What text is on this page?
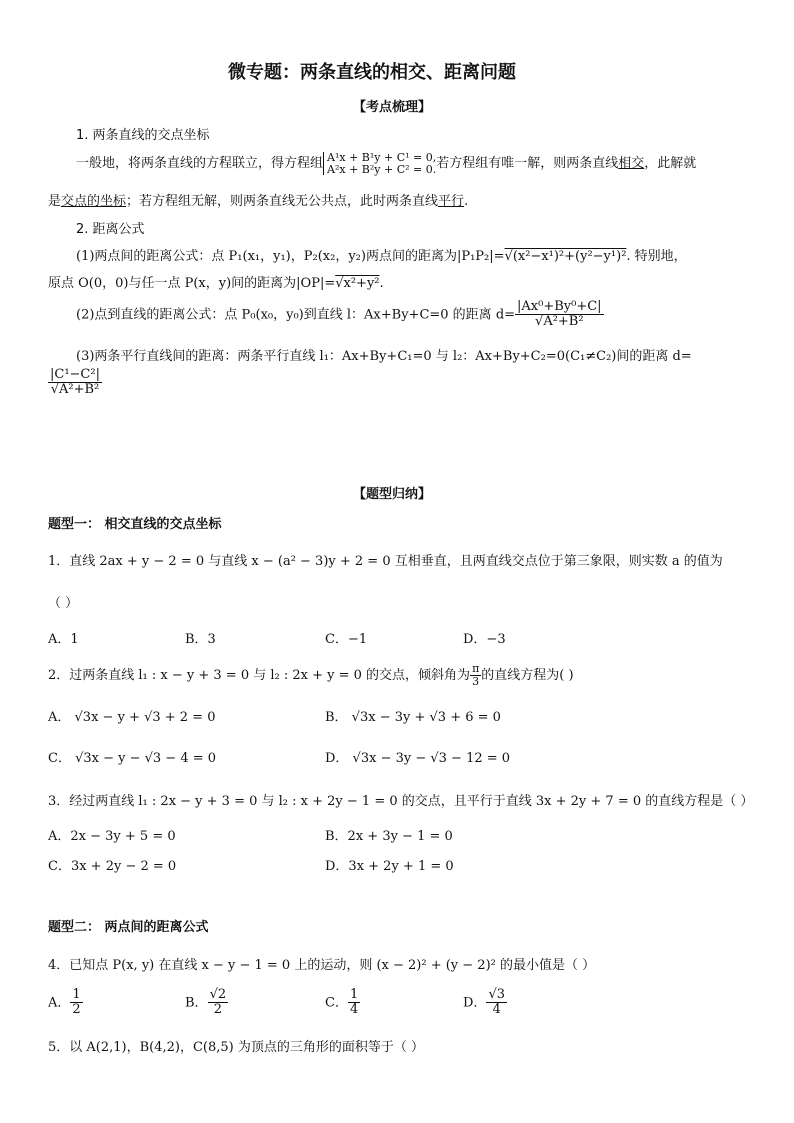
微专题：两条直线的相交、距离问题
【考点梳理】
1. 两条直线的交点坐标
一般地，将两条直线的方程联立，得方程组 A¹x + B¹y + C¹ = 0,
A²x + B²y + C² = 0. 若方程组有唯一解，则两条直线相交，此解就
是交点的坐标；若方程组无解，则两条直线无公共点，此时两条直线平行.
2. 距离公式
(1)两点间的距离公式：点 P₁(x₁，y₁)，P₂(x₂，y₂)两点间的距离为|P₁P₂|=√(x²−x¹)²+(y²−y¹)². 特别地，
原点 O(0，0)与任一点 P(x，y)间的距离为|OP|=√x²+y².
(2)点到直线的距离公式：点 P₀(x₀，y₀)到直线 l：Ax+By+C=0 的距离 $d= \frac{\text{|Ax⁰+By⁰+C|}}{\text{√A²+B²}}$
(3)两条平行直线间的距离：两条平行直线 l₁：Ax+By+C₁=0 与 l₂：Ax+By+C₂=0(C₁≠C₂)间的距离 d=
$\frac{\text{|C¹−C²|}}{\text{√A²+B²}}$
【题型归纳】
题型一： 相交直线的交点坐标
1．直线 2ax + y − 2 = 0 与直线 x − (a² − 3)y + 2 = 0 互相垂直，且两直线交点位于第三象限，则实数 a 的值为
（ ）
A．1	B．3	C．−1	D．−3
2．过两条直线 l₁ : x − y + 3 = 0 与 l₂ : 2x + y = 0 的交点，倾斜角为 $\frac{\pi}{3}$ 的直线方程为( )
A． √3x − y + √3 + 2 = 0	B． √3x − 3y + √3 + 6 = 0
C． √3x − y − √3 − 4 = 0	D． √3x − 3y − √3 − 12 = 0
3．经过两直线 l₁ : 2x − y + 3 = 0 与 l₂ : x + 2y − 1 = 0 的交点，且平行于直线 3x + 2y + 7 = 0 的直线方程是（ ）
A．2x − 3y + 5 = 0	B．2x + 3y − 1 = 0
C．3x + 2y − 2 = 0	D．3x + 2y + 1 = 0
题型二： 两点间的距离公式
4．已知点 P(x, y) 在直线 x − y − 1 = 0 上的运动，则 (x − 2)² + (y − 2)² 的最小值是（ ）
A． $\frac{1}{2}$	B． $\frac{√2}{2}$	C． $\frac{1}{4}$	D． $\frac{√3}{4}$
5．以 A(2,1)，B(4,2)，C(8,5) 为顶点的三角形的面积等于（ ）
